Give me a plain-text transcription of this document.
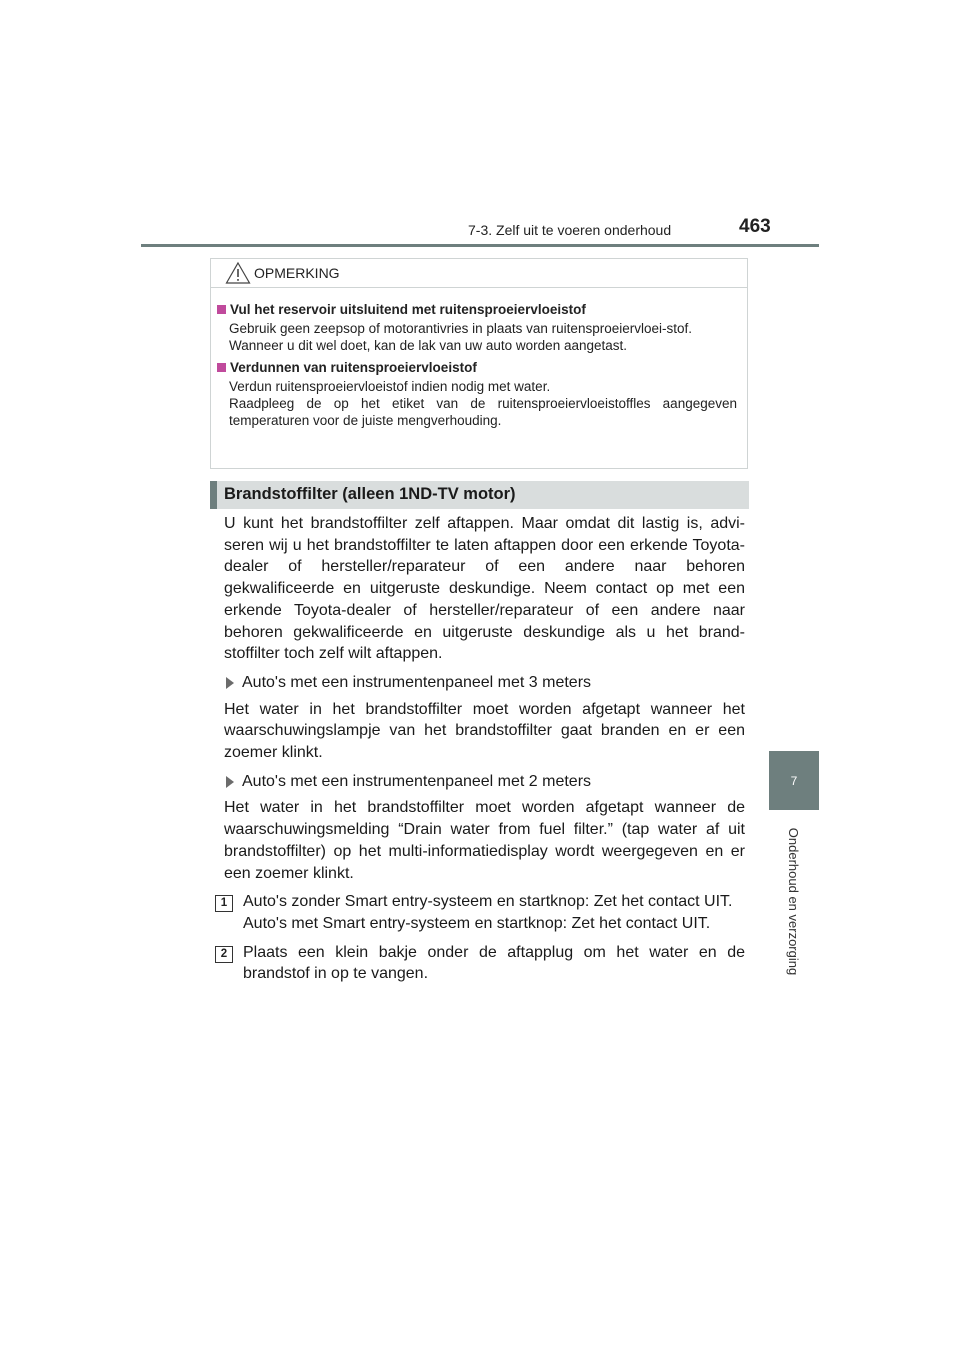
7-3. Zelf uit te voeren onderhoud	463
7
Onderhoud en verzorging
OPMERKING
Vul het reservoir uitsluitend met ruitensproeiervloeistof

Gebruik geen zeepsop of motorantivries in plaats van ruitensproeiervloei-stof.
Wanneer u dit wel doet, kan de lak van uw auto worden aangetast.

Verdunnen van ruitensproeiervloeistof

Verdun ruitensproeiervloeistof indien nodig met water.
Raadpleeg de op het etiket van de ruitensproeiervloeistoffles aangegeven temperaturen voor de juiste mengverhouding.

Brandstoffilter (alleen 1ND-TV motor)

U kunt het brandstoffilter zelf aftappen. Maar omdat dit lastig is, advi-seren wij u het brandstoffilter te laten aftappen door een erkende Toyota-dealer of hersteller/reparateur of een andere naar behoren gekwalificeerde en uitgeruste deskundige. Neem contact op met een erkende Toyota-dealer of hersteller/reparateur of een andere naar behoren gekwalificeerde en uitgeruste deskundige als u het brand-stoffilter toch zelf wilt aftappen.

Auto's met een instrumentenpaneel met 3 meters

Het water in het brandstoffilter moet worden afgetapt wanneer het waarschuwingslampje van het brandstoffilter gaat branden en er een zoemer klinkt.

Auto's met een instrumentenpaneel met 2 meters

Het water in het brandstoffilter moet worden afgetapt wanneer de waarschuwingsmelding “Drain water from fuel filter.” (tap water af uit brandstoffilter) op het multi-informatiedisplay wordt weergegeven en er een zoemer klinkt.

1 Auto's zonder Smart entry-systeem en startknop: Zet het contact UIT.
Auto's met Smart entry-systeem en startknop: Zet het contact UIT.

2 Plaats een klein bakje onder de aftapplug om het water en de brandstof in op te vangen.
